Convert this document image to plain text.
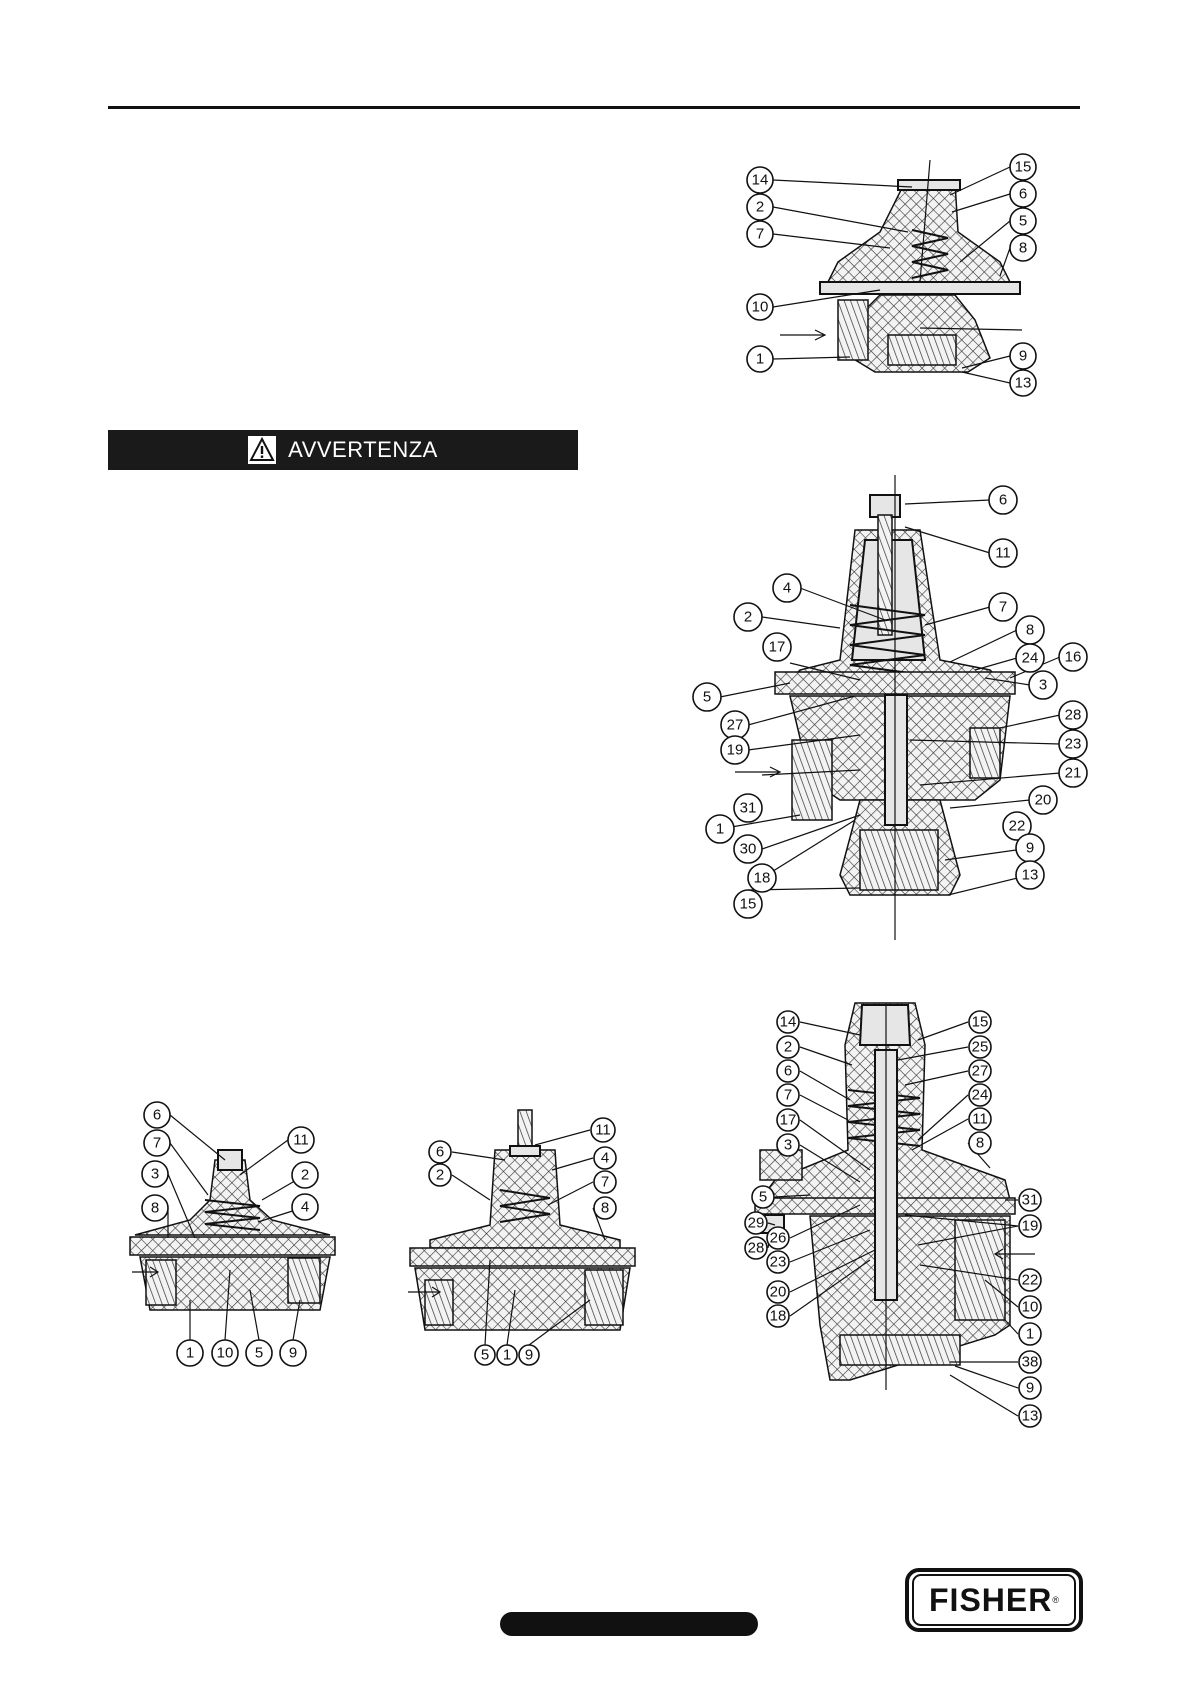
AVVERTENZA
14
2
7
10
1
15
6
5
8
9
13
6
11
4
7
2
8
24 16
17
3
5
27
28
19	23
21
31	20
1	22
30
18
9
15
13
6
7	11
3	2
8	4
1 10 5 9
11
6	4
2	7
8
5 1 9
14	15
2	25
6	27
7	24
17	11
3	8
5	31
29	19
28
26
23
22
20
10
18
1
38
9
13
FISHER ®
